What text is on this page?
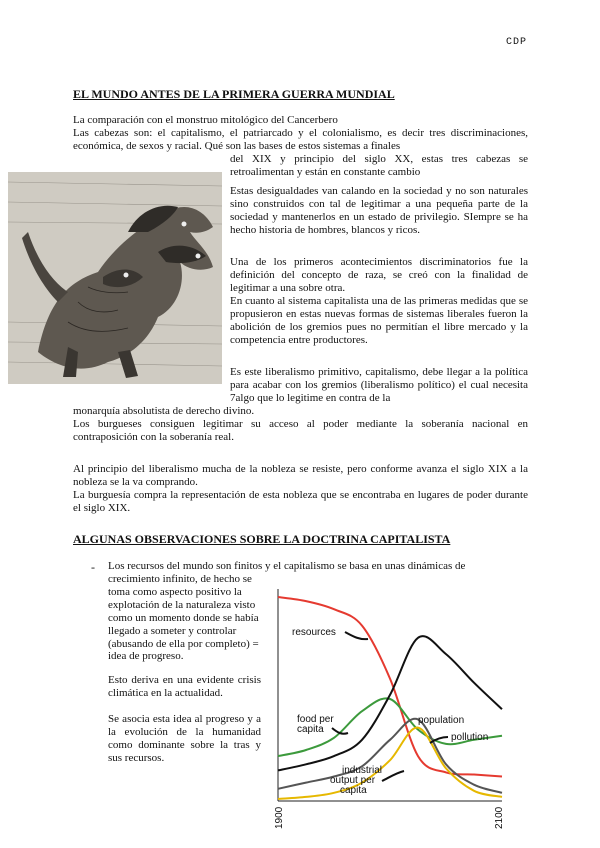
CDP
EL MUNDO ANTES DE LA PRIMERA GUERRA MUNDIAL

La comparación con el monstruo mitológico del Cancerbero

Las cabezas son: el capitalismo, el patriarcado y el colonialismo, es decir tres discriminaciones, económica, de sexos y racial. Qué son las bases de estos sistemas a finales

del XIX y principio del siglo XX, estas tres cabezas se retroalimentan y están en constante cambio

Estas desigualdades van calando en la sociedad y no son naturales sino construidos con tal de legitimar a una pequeña parte de la sociedad y mantenerlos en un estado de privilegio. SIempre se ha hecho historia de hombres, blancos y ricos.

Una de los primeros acontecimientos discriminatorios fue la definición del concepto de raza, se creó con la finalidad de legitimar a una sobre otra.

En cuanto al sistema capitalista una de las primeras medidas que se propusieron en estas nuevas formas de sistemas liberales fueron la abolición de los gremios pues no permitían el libre mercado y la competencia entre productores.

Es este liberalismo primitivo, capitalismo, debe llegar a la política para acabar con los gremios (liberalismo político) el cual necesita 7algo que lo legitime en contra de la

monarquía absolutista de derecho divino.

Los burgueses consiguen legitimar su acceso al poder mediante la soberanía nacional en contraposición con la soberanía real.

Al principio del liberalismo mucha de la nobleza se resiste, pero conforme avanza el siglo XIX a la nobleza se la va comprando.

La burguesía compra la representación de esta nobleza que se encontraba en lugares de poder durante el siglo XIX.

ALGUNAS OBSERVACIONES SOBRE LA DOCTRINA CAPITALISTA
- Los recursos del mundo son finitos y el capitalismo se basa en unas dinámicas de

crecimiento infinito, de hecho se toma como aspecto positivo la explotación de la naturaleza visto como un momento donde se había llegado a someter y controlar (abusando de ella por completo) = idea de progreso.

Esto deriva en una evidente crisis climática en la actualidad.

Se asocia esta idea al progreso y a la evolución de la humanidad como dominante sobre la tras y sus recursos.

resources
food per
capita
population
pollution
industrial
output per
capita
1900	2100
